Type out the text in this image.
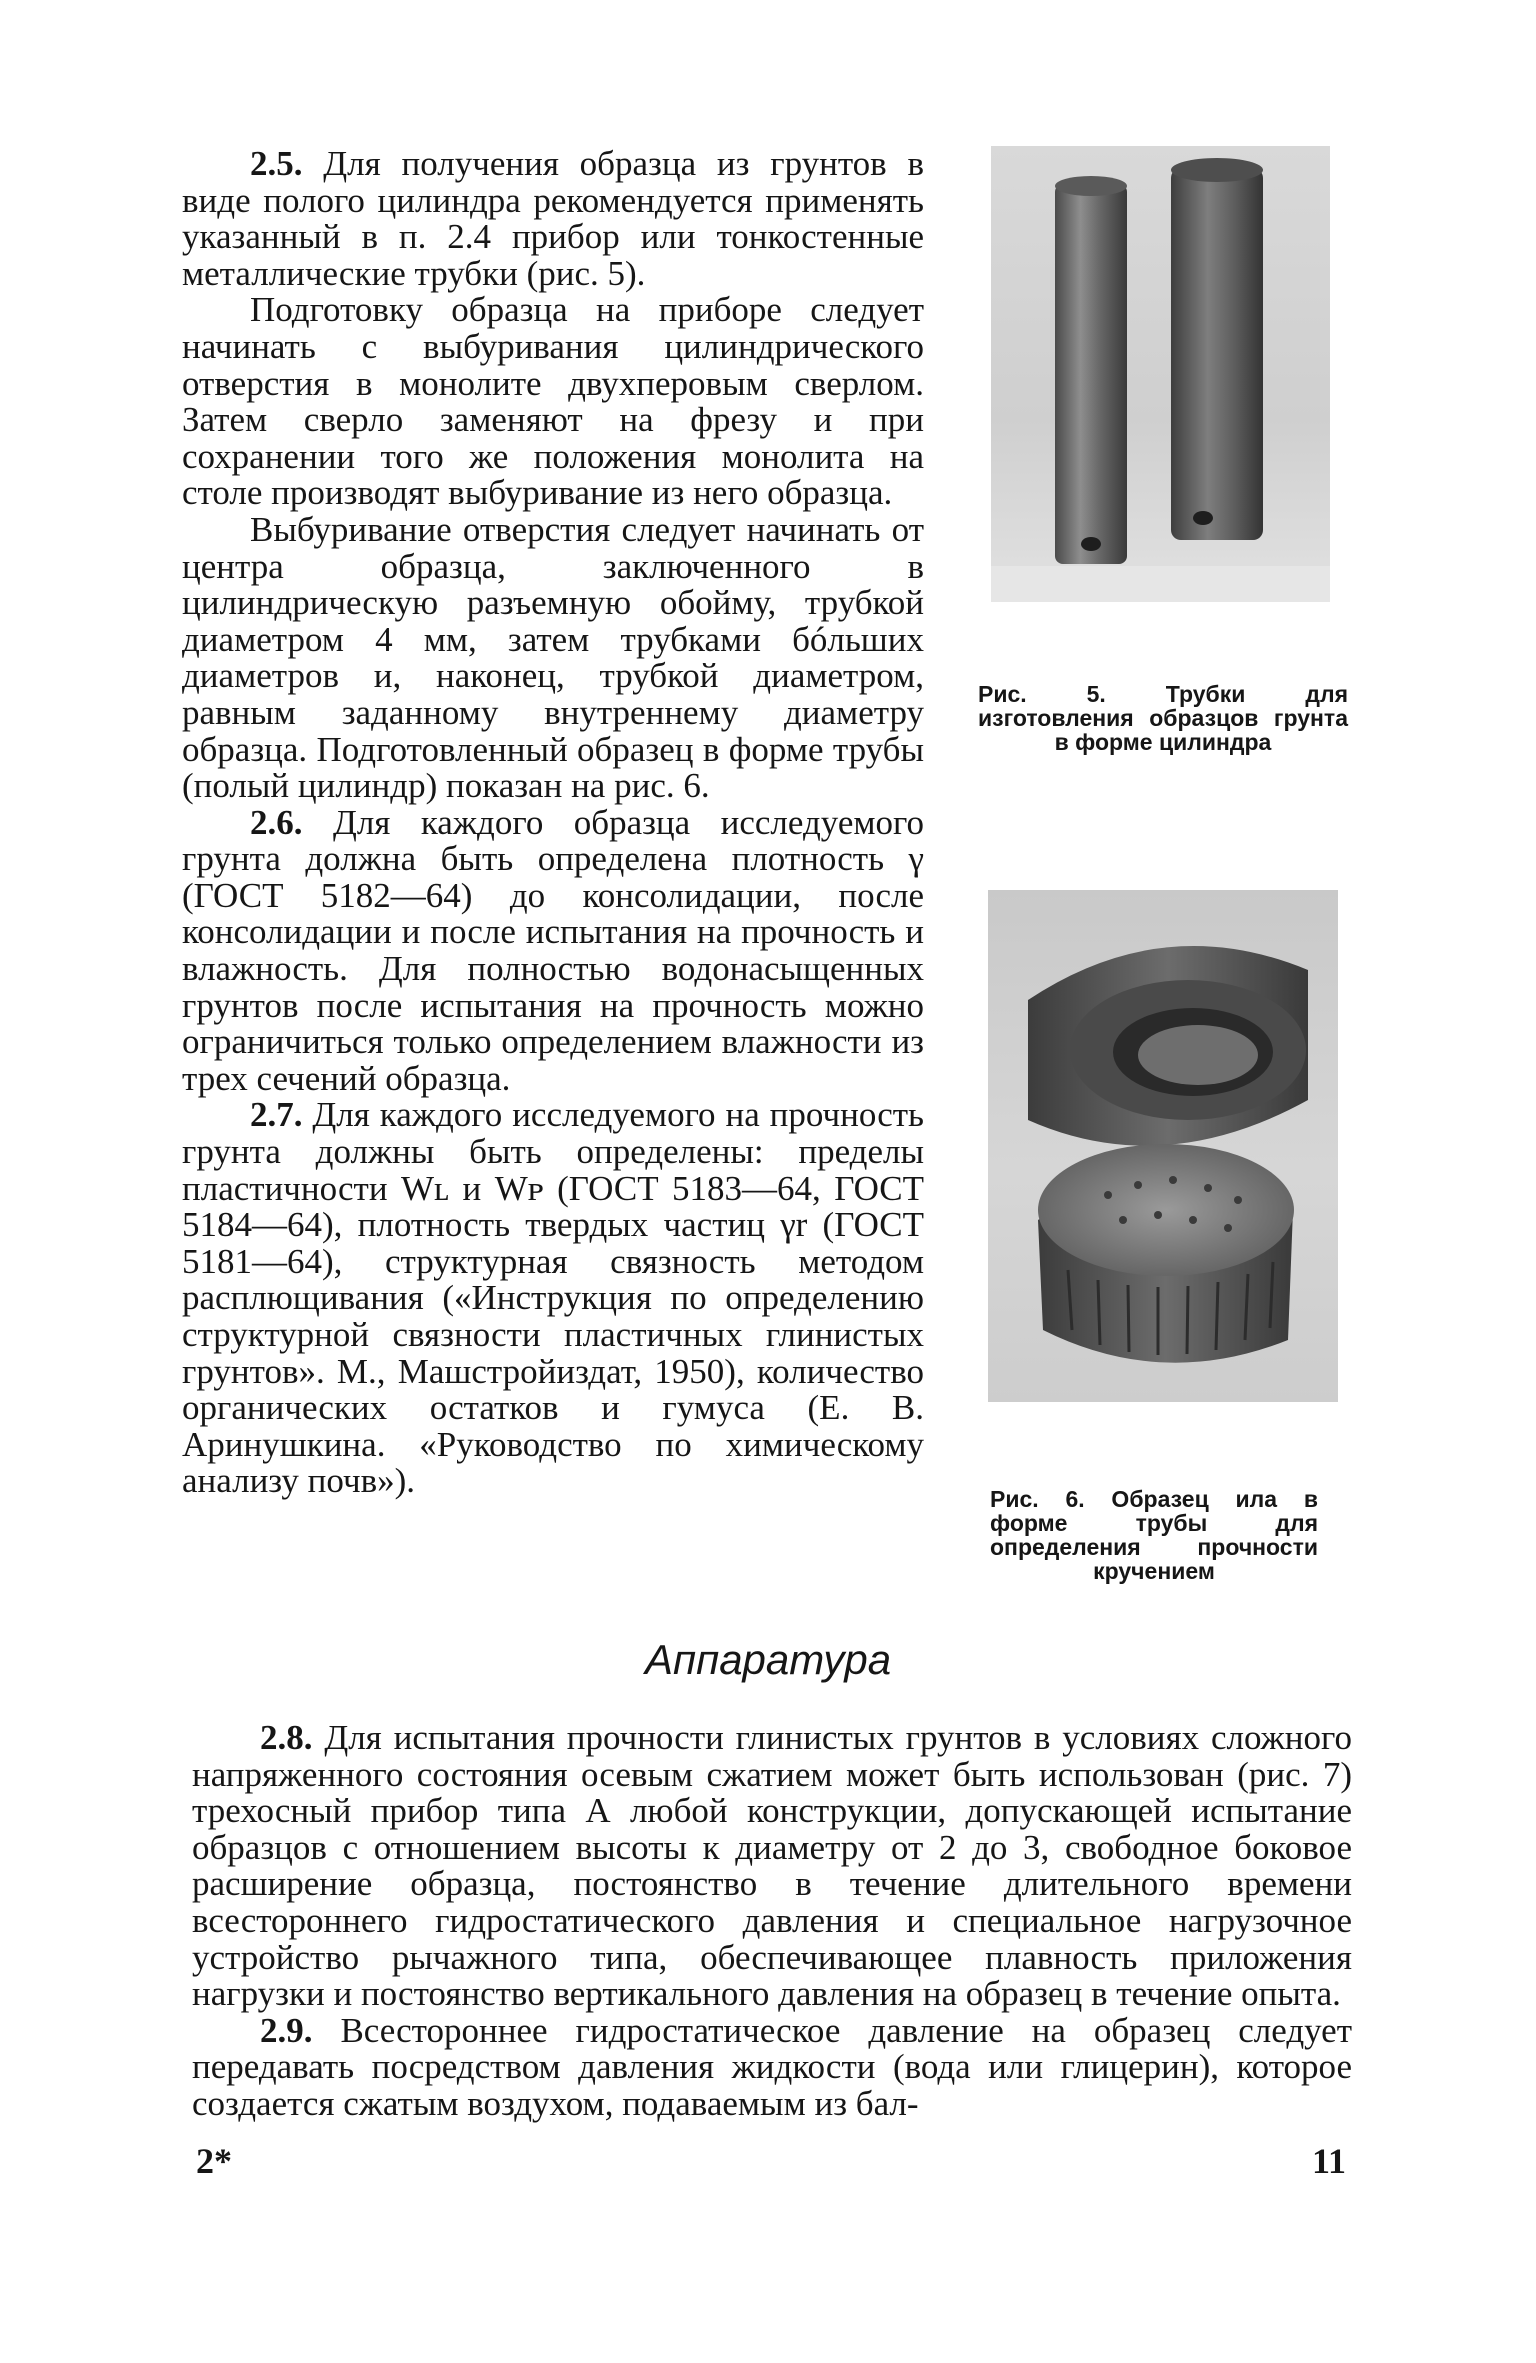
2.5. Для получения образца из грунтов в виде полого цилиндра рекомендуется применять указанный в п. 2.4 прибор или тонкостенные металлические трубки (рис. 5).

Подготовку образца на приборе следует начинать с выбуривания цилиндрического отверстия в монолите двухперовым сверлом. Затем сверло заменяют на фрезу и при сохранении того же положения монолита на столе производят выбуривание из него образца.

Выбуривание отверстия следует начинать от центра образца, заключенного в цилиндрическую разъемную обойму, трубкой диаметром 4 мм, затем трубками бóльших диаметров и, наконец, трубкой диаметром, равным заданному внутреннему диаметру образца. Подготовленный образец в форме трубы (полый цилиндр) показан на рис. 6.

2.6. Для каждого образца исследуемого грунта должна быть определена плотность γ (ГОСТ 5182—64) до консолидации, после консолидации и после испытания на прочность и влажность. Для полностью водонасыщенных грунтов после испытания на прочность можно ограничиться только определением влажности из трех сечений образца.

2.7. Для каждого исследуемого на прочность грунта должны быть определены: пределы пластичности Wʟ и Wᴘ (ГОСТ 5183—64, ГОСТ 5184—64), плотность твердых частиц γr (ГОСТ 5181—64), структурная связность методом расплющивания («Инструкция по определению структурной связности пластичных глинистых грунтов». М., Машстройиздат, 1950), количество органических остатков и гумуса (Е. В. Аринушкина. «Руководство по химическому анализу почв»).

Рис. 5. Трубки для изготовления образцов грунта в форме цилиндра
Рис. 6. Образец ила в форме трубы для определения прочности кручением
Аппаратура

2.8. Для испытания прочности глинистых грунтов в условиях сложного напряженного состояния осевым сжатием может быть использован (рис. 7) трехосный прибор типа А любой конструкции, допускающей испытание образцов с отношением высоты к диаметру от 2 до 3, свободное боковое расширение образца, постоянство в течение длительного времени всестороннего гидростатического давления и специальное нагрузочное устройство рычажного типа, обеспечивающее плавность приложения нагрузки и постоянство вертикального давления на образец в течение опыта.

2.9. Всестороннее гидростатическое давление на образец следует передавать посредством давления жидкости (вода или глицерин), которое создается сжатым воздухом, подаваемым из бал-

2*	11
